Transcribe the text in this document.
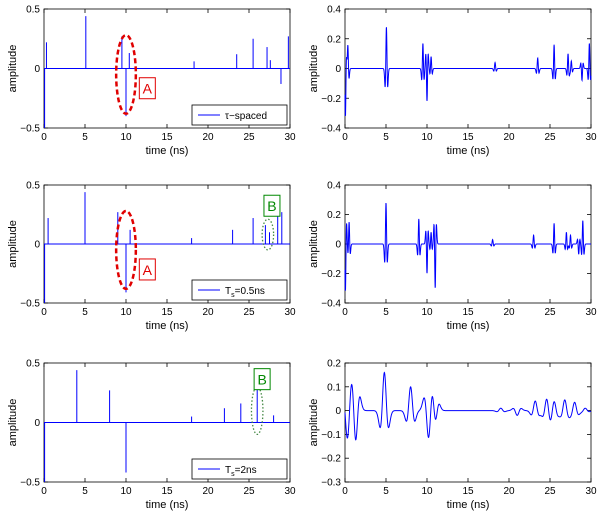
0	5	10	15	20	25	30
−0.5
0
0.5
time (ns)
amplitude	A
τ−spaced
0	5	10	15	20	25	30
−0.4
−0.2
0
0.2
0.4
time (ns)
amplitude
0	5	10	15	20	25	30
−0.5
0
0.5
time (ns)
amplitude
A
B
$T_s=0.5ns$
0	5	10	15	20	25	30
−0.4
−0.2
0
0.2
0.4
time (ns)
amplitude
0	5	10	15	20	25	30
−0.5
0
0.5
time (ns)
amplitude
B
$T_s=2ns$
0	5	10	15	20	25	30
−0.3
−0.2
−0.1
0
0.1
0.2
time (ns)
amplitude
